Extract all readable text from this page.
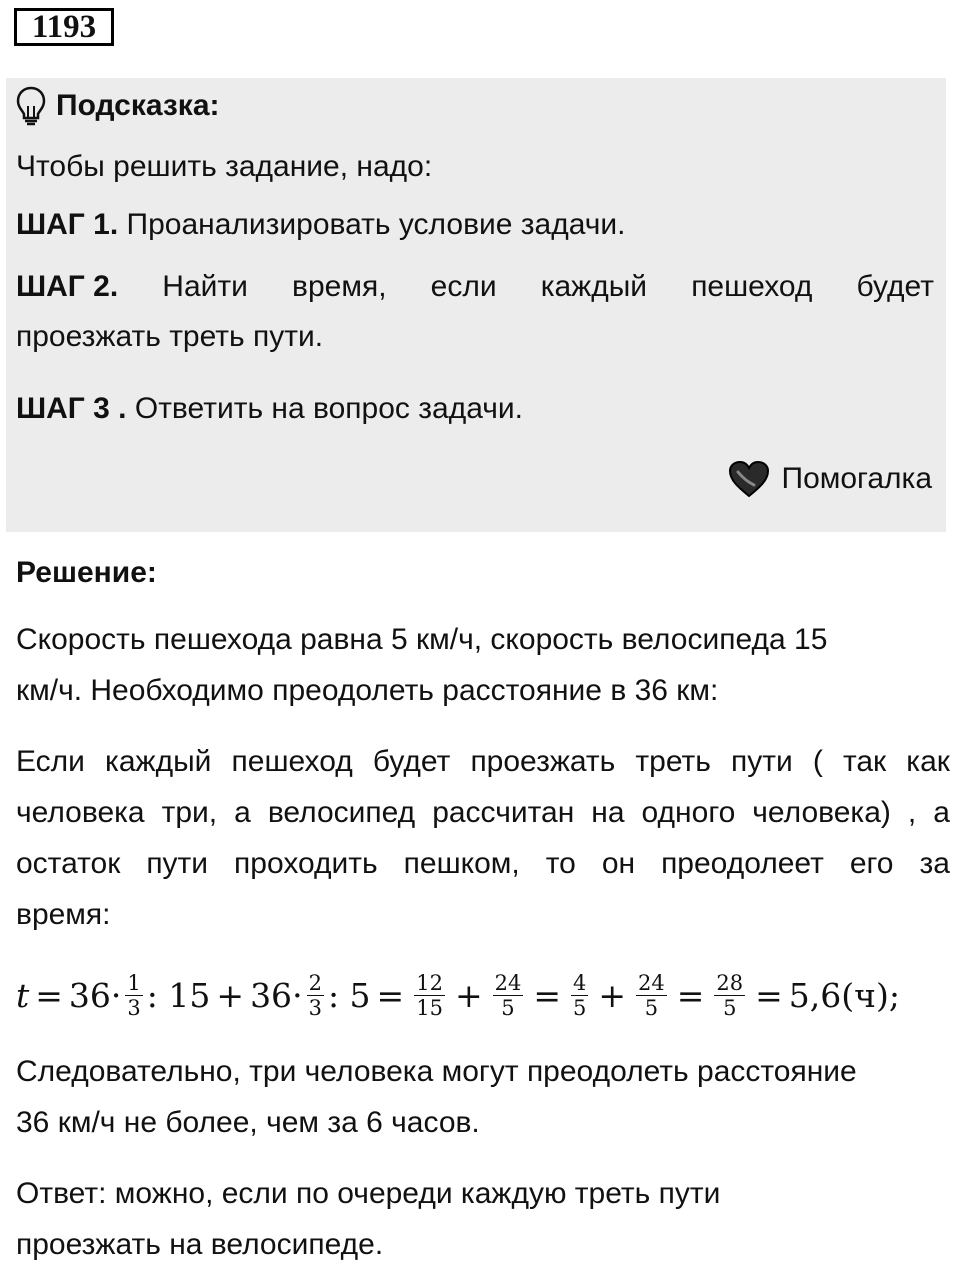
1193
Подсказка:
Чтобы решить задание, надо:
ШАГ 1. Проанализировать условие задачи.
ШАГ 2. Найти время, если каждый пешеход будет
проезжать треть пути.
ШАГ 3 . Ответить на вопрос задачи.
Помогалка
Решение:
Скорость пешехода равна 5 км/ч, скорость велосипеда 15
км/ч. Необходимо преодолеть расстояние в 36 км:
Если каждый пешеход будет проезжать треть пути ( так как
человека три, а велосипед рассчитан на одного человека) , а
остаток пути проходить пешком, то он преодолеет его за
время:
$t = 36 \cdot \frac{1}{3}$ : $15 + 36 \cdot \frac{2}{3}$ : $5 = \frac{12}{15} + \frac{24}{5} = \frac{4}{5} + \frac{24}{5} = \frac{28}{5} = 5,6(ч)$;
Следовательно, три человека могут преодолеть расстояние
36 км/ч не более, чем за 6 часов.
Ответ: можно, если по очереди каждую треть пути
проезжать на велосипеде.
